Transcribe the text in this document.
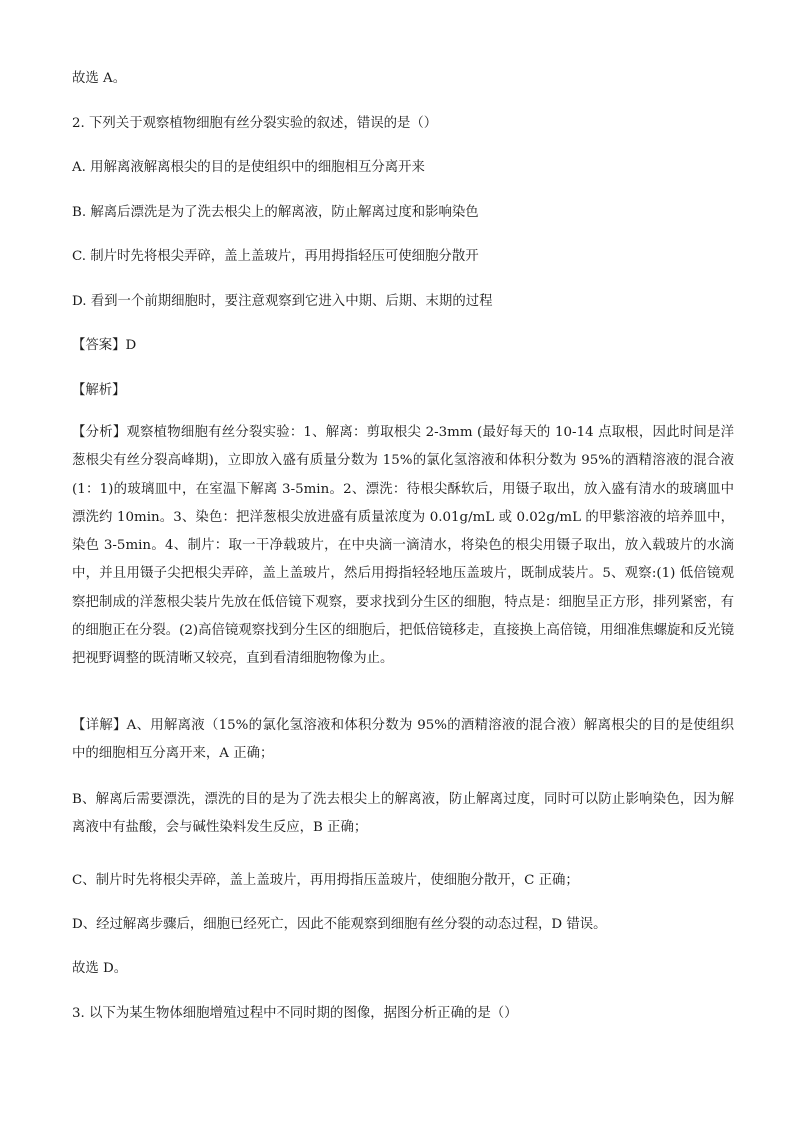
故选 A。
2. 下列关于观察植物细胞有丝分裂实验的叙述，错误的是（）
A. 用解离液解离根尖的目的是使组织中的细胞相互分离开来
B. 解离后漂洗是为了洗去根尖上的解离液，防止解离过度和影响染色
C. 制片时先将根尖弄碎，盖上盖玻片，再用拇指轻压可使细胞分散开
D. 看到一个前期细胞时，要注意观察到它进入中期、后期、末期的过程
【答案】D
【解析】
【分析】观察植物细胞有丝分裂实验：1、解离：剪取根尖 2-3mm (最好每天的 10-14 点取根，因此时间是洋葱根尖有丝分裂高峰期)，立即放入盛有质量分数为 15%的氯化氢溶液和体积分数为 95%的酒精溶液的混合液(1：1)的玻璃皿中，在室温下解离 3-5min。2、漂洗：待根尖酥软后，用镊子取出，放入盛有清水的玻璃皿中漂洗约 10min。3、染色：把洋葱根尖放进盛有质量浓度为 0.01g/mL 或 0.02g/mL 的甲紫溶液的培养皿中，染色 3-5min。4、制片：取一干净载玻片，在中央滴一滴清水，将染色的根尖用镊子取出，放入载玻片的水滴中，并且用镊子尖把根尖弄碎，盖上盖玻片，然后用拇指轻轻地压盖玻片，既制成装片。5、观察:(1) 低倍镜观察把制成的洋葱根尖装片先放在低倍镜下观察，要求找到分生区的细胞，特点是：细胞呈正方形，排列紧密，有的细胞正在分裂。(2)高倍镜观察找到分生区的细胞后，把低倍镜移走，直接换上高倍镜，用细准焦螺旋和反光镜把视野调整的既清晰又较亮，直到看清细胞物像为止。
【详解】A、用解离液（15%的氯化氢溶液和体积分数为 95%的酒精溶液的混合液）解离根尖的目的是使组织中的细胞相互分离开来，A 正确；
B、解离后需要漂洗，漂洗的目的是为了洗去根尖上的解离液，防止解离过度，同时可以防止影响染色，因为解离液中有盐酸，会与碱性染料发生反应，B 正确；
C、制片时先将根尖弄碎，盖上盖玻片，再用拇指压盖玻片，使细胞分散开，C 正确；
D、经过解离步骤后，细胞已经死亡，因此不能观察到细胞有丝分裂的动态过程，D 错误。
故选 D。
3. 以下为某生物体细胞增殖过程中不同时期的图像，据图分析正确的是（）
